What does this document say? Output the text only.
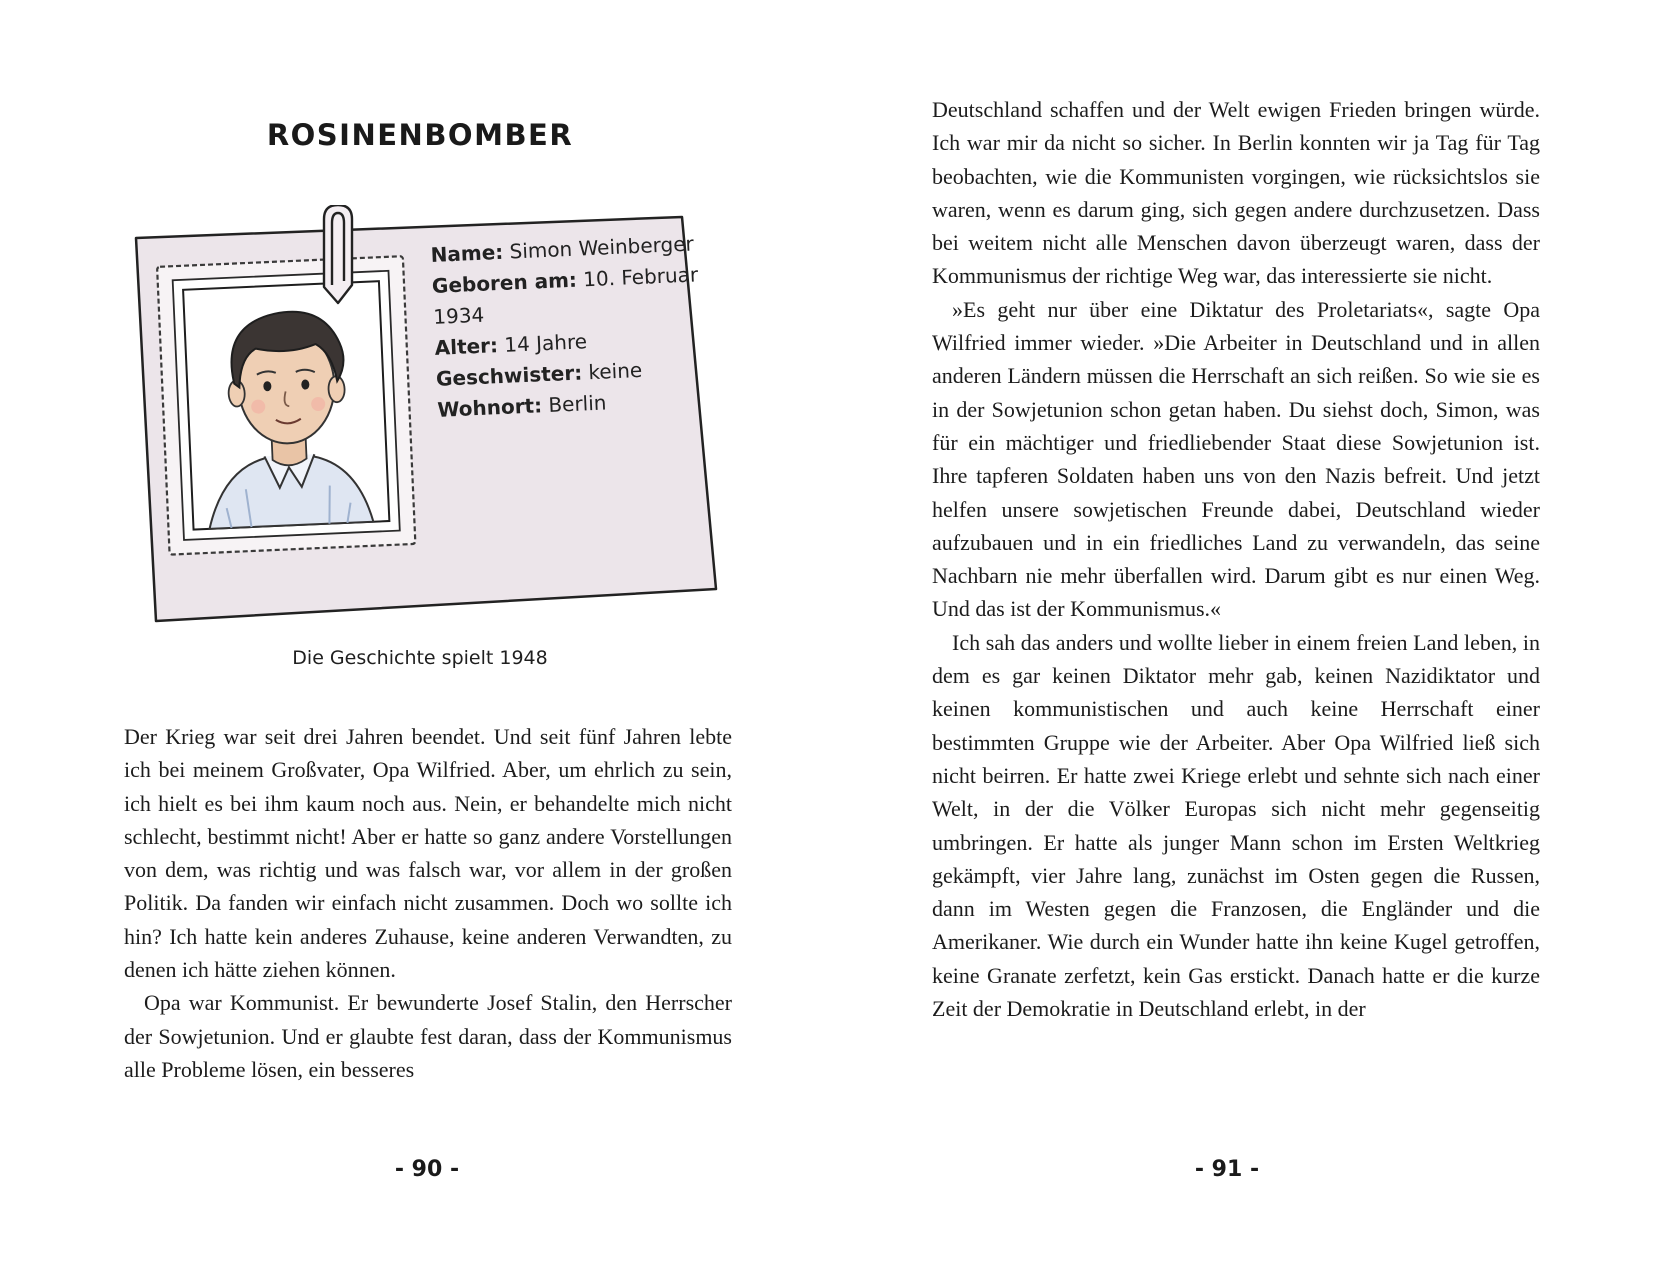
ROSINENBOMBER
Name: Simon Weinberger
Geboren am: 10. Februar
1934
Alter: 14 Jahre
Geschwister: keine
Wohnort: Berlin
Die Geschichte spielt 1948

Der Krieg war seit drei Jahren beendet. Und seit fünf Jahren lebte ich bei meinem Großvater, Opa Wilfried. Aber, um ehrlich zu sein, ich hielt es bei ihm kaum noch aus. Nein, er behandelte mich nicht schlecht, bestimmt nicht! Aber er hatte so ganz andere Vorstellungen von dem, was richtig und was falsch war, vor allem in der großen Politik. Da fanden wir einfach nicht zusammen. Doch wo sollte ich hin? Ich hatte kein anderes Zuhause, keine anderen Verwandten, zu denen ich hätte ziehen können.

Opa war Kommunist. Er bewunderte Josef Stalin, den Herrscher der Sowjetunion. Und er glaubte fest daran, dass der Kommunismus alle Probleme lösen, ein besseres

- 90 -

Deutschland schaffen und der Welt ewigen Frieden bringen würde. Ich war mir da nicht so sicher. In Berlin konnten wir ja Tag für Tag beobachten, wie die Kommunisten vorgingen, wie rücksichtslos sie waren, wenn es darum ging, sich gegen andere durchzusetzen. Dass bei weitem nicht alle Menschen davon überzeugt waren, dass der Kommunismus der richtige Weg war, das interessierte sie nicht.

»Es geht nur über eine Diktatur des Proletariats«, sagte Opa Wilfried immer wieder. »Die Arbeiter in Deutschland und in allen anderen Ländern müssen die Herrschaft an sich reißen. So wie sie es in der Sowjetunion schon getan haben. Du siehst doch, Simon, was für ein mächtiger und friedliebender Staat diese Sowjetunion ist. Ihre tapferen Soldaten haben uns von den Nazis befreit. Und jetzt helfen unsere sowjetischen Freunde dabei, Deutschland wieder aufzubauen und in ein friedliches Land zu verwandeln, das seine Nachbarn nie mehr überfallen wird. Darum gibt es nur einen Weg. Und das ist der Kommunismus.«

Ich sah das anders und wollte lieber in einem freien Land leben, in dem es gar keinen Diktator mehr gab, keinen Nazidiktator und keinen kommunistischen und auch keine Herrschaft einer bestimmten Gruppe wie der Arbeiter. Aber Opa Wilfried ließ sich nicht beirren. Er hatte zwei Kriege erlebt und sehnte sich nach einer Welt, in der die Völker Europas sich nicht mehr gegenseitig umbringen. Er hatte als junger Mann schon im Ersten Weltkrieg gekämpft, vier Jahre lang, zunächst im Osten gegen die Russen, dann im Westen gegen die Franzosen, die Engländer und die Amerikaner. Wie durch ein Wunder hatte ihn keine Kugel getroffen, keine Granate zerfetzt, kein Gas erstickt. Danach hatte er die kurze Zeit der Demokratie in Deutschland erlebt, in der

- 91 -
